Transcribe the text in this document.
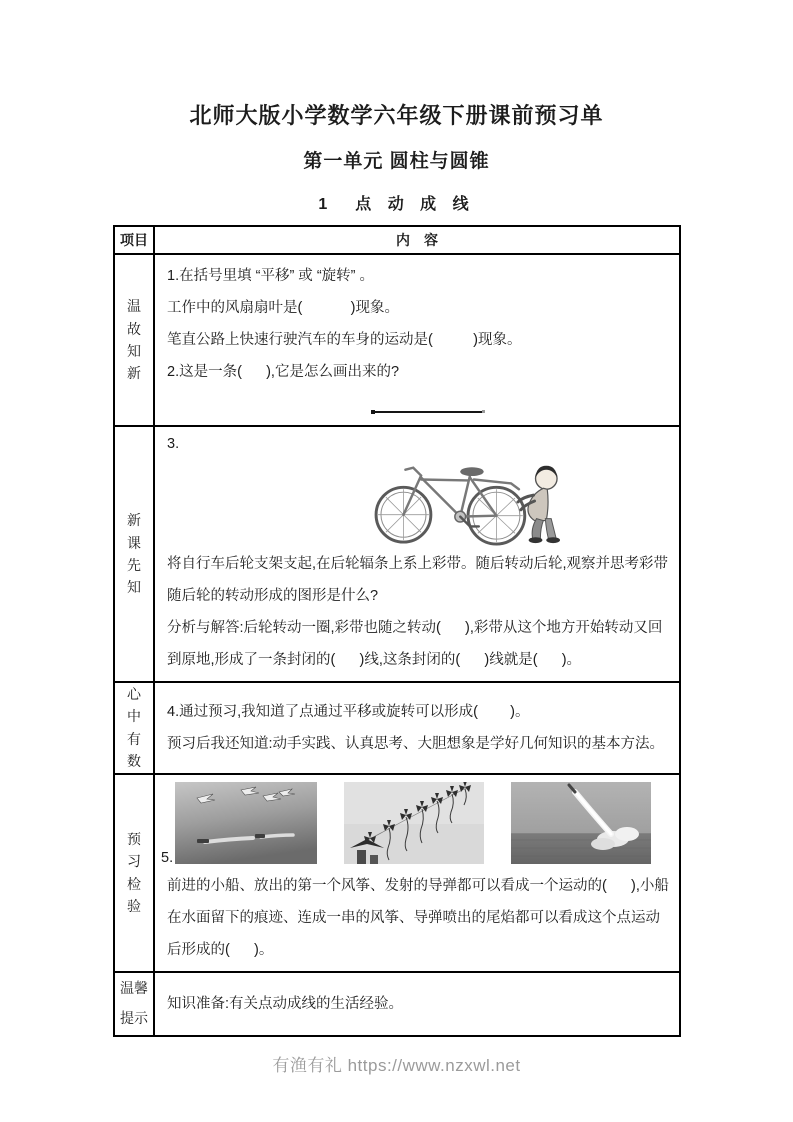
北师大版小学数学六年级下册课前预习单
第一单元 圆柱与圆锥
1　点 动 成 线
项目	内　容
温故知新	1.在括号里填 “平移” 或 “旋转” 。

工作中的风扇扇叶是(            )现象。

笔直公路上快速行驶汽车的车身的运动是(          )现象。

2.这是一条(      ),它是怎么画出来的?

新课先知	3.

将自行车后轮支架支起,在后轮辐条上系上彩带。随后转动后轮,观察并思考彩带随后轮的转动形成的图形是什么?

分析与解答:后轮转动一圈,彩带也随之转动(      ),彩带从这个地方开始转动又回到原地,形成了一条封闭的(      )线,这条封闭的(      )线就是(      )。

心中有数	4.通过预习,我知道了点通过平移或旋转可以形成(        )。

预习后我还知道:动手实践、认真思考、大胆想象是学好几何知识的基本方法。

预习检验	5.

前进的小船、放出的第一个风筝、发射的导弹都可以看成一个运动的(      ),小船在水面留下的痕迹、连成一串的风筝、导弹喷出的尾焰都可以看成这个点运动后形成的(      )。

温馨提示	知识准备:有关点动成线的生活经验。

有渔有礼 https://www.nzxwl.net
